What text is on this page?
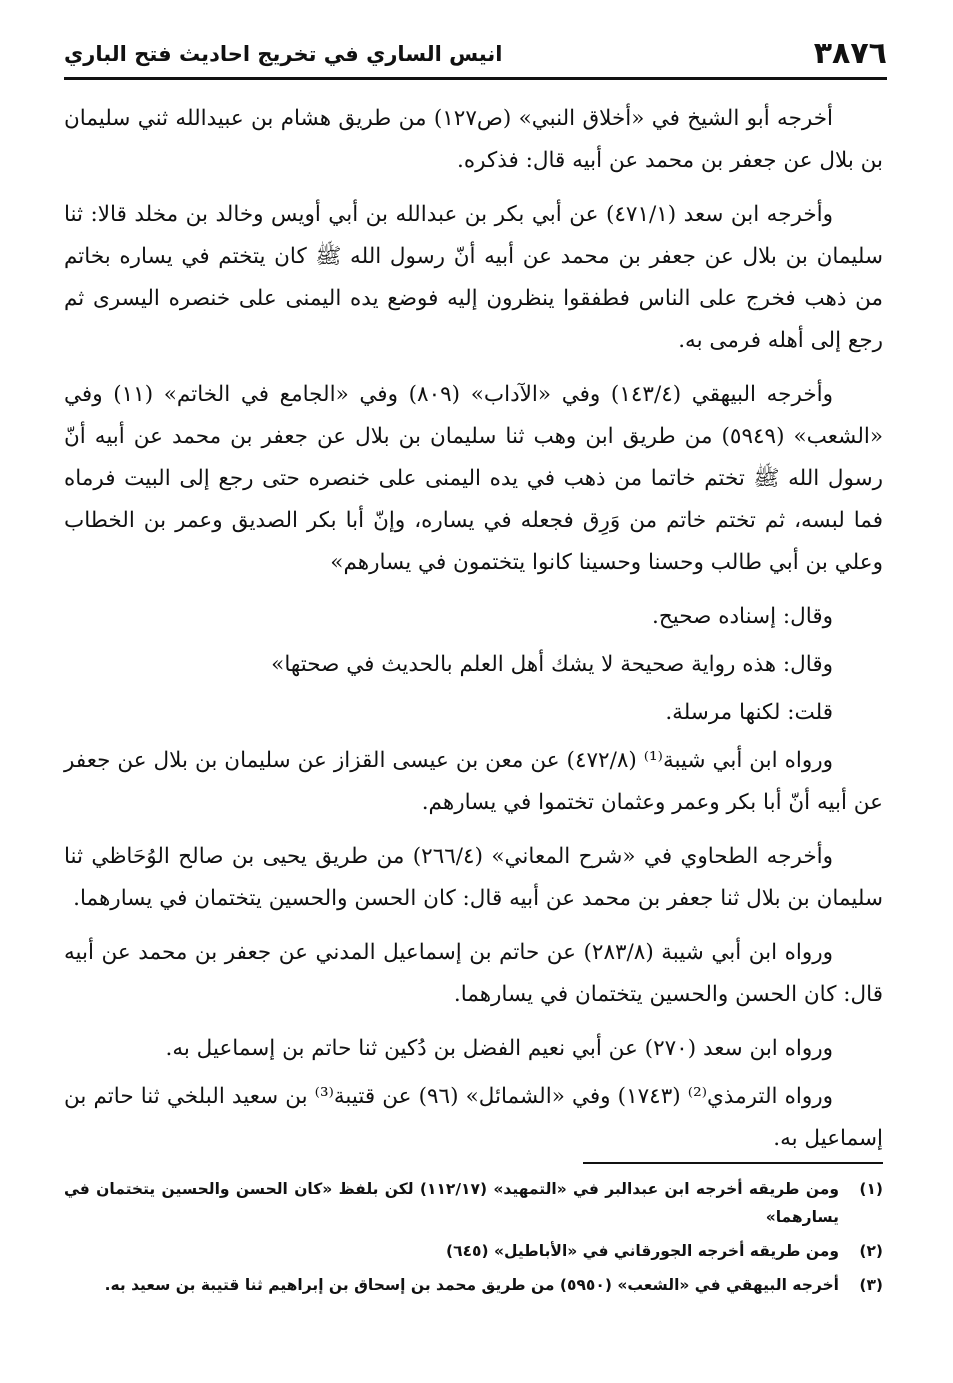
٣٨٧٦
انيس الساري في تخريج احاديث فتح الباري

أخرجه أبو الشيخ في «أخلاق النبي» (ص١٢٧) من طريق هشام بن عبيدالله ثني سليمان بن بلال عن جعفر بن محمد عن أبيه قال: فذكره.

وأخرجه ابن سعد (٤٧١/١) عن أبي بكر بن عبدالله بن أبي أويس وخالد بن مخلد قالا: ثنا سليمان بن بلال عن جعفر بن محمد عن أبيه أنّ رسول الله ﷺ كان يتختم في يساره بخاتم من ذهب فخرج على الناس فطفقوا ينظرون إليه فوضع يده اليمنى على خنصره اليسرى ثم رجع إلى أهله فرمى به.

وأخرجه البيهقي (١٤٣/٤) وفي «الآداب» (٨٠٩) وفي «الجامع في الخاتم» (١١) وفي «الشعب» (٥٩٤٩) من طريق ابن وهب ثنا سليمان بن بلال عن جعفر بن محمد عن أبيه أنّ رسول الله ﷺ تختم خاتما من ذهب في يده اليمنى على خنصره حتى رجع إلى البيت فرماه فما لبسه، ثم تختم خاتم من وَرِق فجعله في يساره، وإنّ أبا بكر الصديق وعمر بن الخطاب وعلي بن أبي طالب وحسنا وحسينا كانوا يتختمون في يسارهم»

وقال: إسناده صحيح.

وقال: هذه رواية صحيحة لا يشك أهل العلم بالحديث في صحتها»

قلت: لكنها مرسلة.

ورواه ابن أبي شيبة⁽¹⁾ (٤٧٢/٨) عن معن بن عيسى القزاز عن سليمان بن بلال عن جعفر عن أبيه أنّ أبا بكر وعمر وعثمان تختموا في يسارهم.

وأخرجه الطحاوي في «شرح المعاني» (٢٦٦/٤) من طريق يحيى بن صالح الوُحَاظي ثنا سليمان بن بلال ثنا جعفر بن محمد عن أبيه قال: كان الحسن والحسين يتختمان في يسارهما.

ورواه ابن أبي شيبة (٢٨٣/٨) عن حاتم بن إسماعيل المدني عن جعفر بن محمد عن أبيه قال: كان الحسن والحسين يتختمان في يسارهما.

ورواه ابن سعد (٢٧٠) عن أبي نعيم الفضل بن دُكين ثنا حاتم بن إسماعيل به.

ورواه الترمذي⁽²⁾ (١٧٤٣) وفي «الشمائل» (٩٦) عن قتيبة⁽³⁾ بن سعيد البلخي ثنا حاتم بن إسماعيل به.

(١)
ومن طريقه أخرجه ابن عبدالبر في «التمهيد» (١١٢/١٧) لكن بلفظ «كان الحسن والحسين يتختمان في يسارهما»
(٢)
ومن طريقه أخرجه الجورقاني في «الأباطيل» (٦٤٥)
(٣)
أخرجه البيهقي في «الشعب» (٥٩٥٠) من طريق محمد بن إسحاق بن إبراهيم ثنا قتيبة بن سعيد به.
